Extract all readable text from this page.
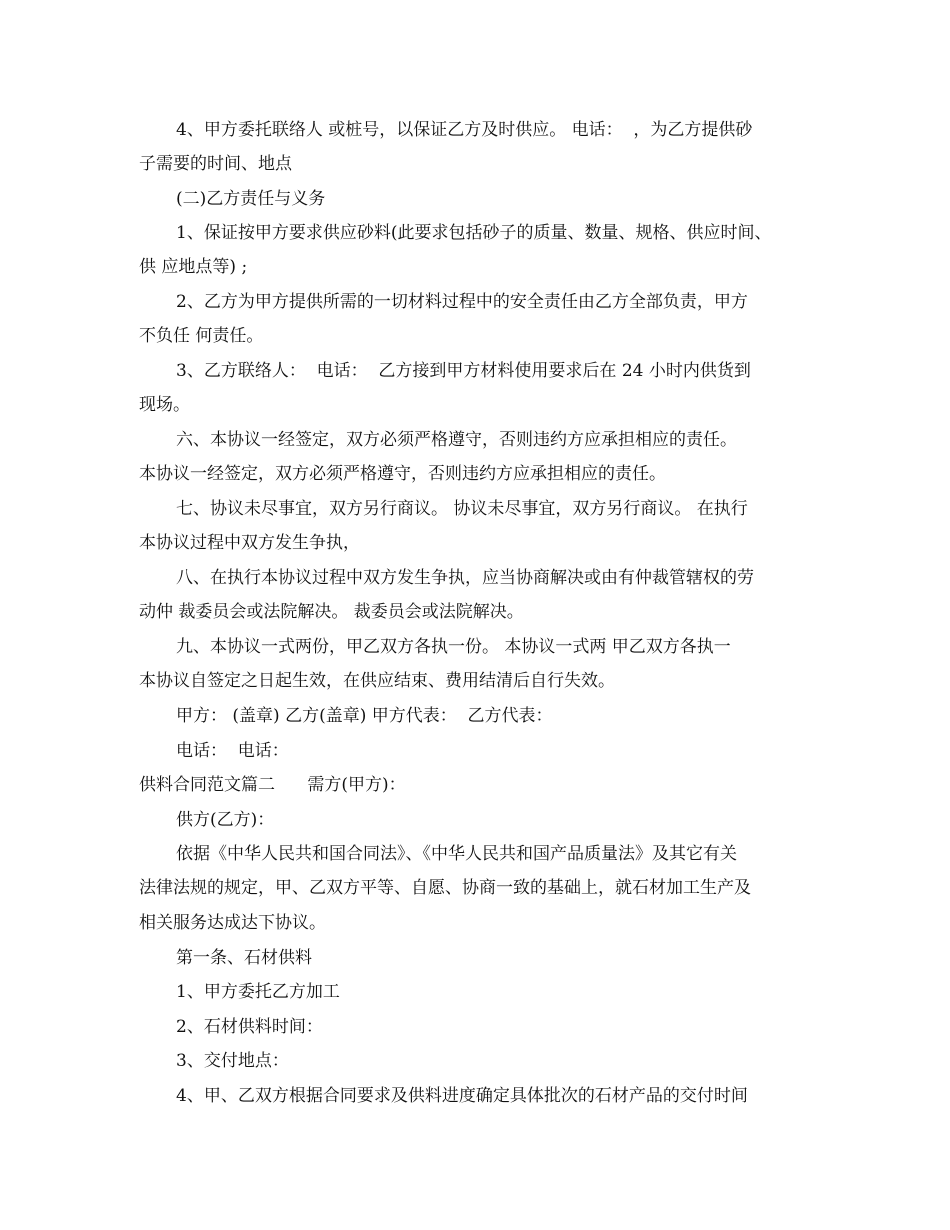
4、甲方委托联络人 或桩号，以保证乙方及时供应。 电话：  ，为乙方提供砂

子需要的时间、地点

(二)乙方责任与义务

1、保证按甲方要求供应砂料(此要求包括砂子的质量、数量、规格、供应时间、

供 应地点等) ;

2、乙方为甲方提供所需的一切材料过程中的安全责任由乙方全部负责，甲方

不负任 何责任。

3、乙方联络人：  电话：  乙方接到甲方材料使用要求后在 24 小时内供货到

现场。

六、本协议一经签定，双方必须严格遵守，否则违约方应承担相应的责任。

本协议一经签定，双方必须严格遵守，否则违约方应承担相应的责任。

七、协议未尽事宜，双方另行商议。 协议未尽事宜，双方另行商议。 在执行

本协议过程中双方发生争执，

八、在执行本协议过程中双方发生争执，应当协商解决或由有仲裁管辖权的劳

动仲 裁委员会或法院解决。 裁委员会或法院解决。

九、本协议一式两份，甲乙双方各执一份。 本协议一式两 甲乙双方各执一

本协议自签定之日起生效，在供应结束、费用结清后自行失效。

甲方： (盖章) 乙方(盖章) 甲方代表：  乙方代表：

电话：  电话：

供料合同范文篇二      需方(甲方)：

供方(乙方)：

依据《中华人民共和国合同法》、《中华人民共和国产品质量法》及其它有关

法律法规的规定，甲、乙双方平等、自愿、协商一致的基础上，就石材加工生产及

相关服务达成达下协议。

第一条、石材供料

1、甲方委托乙方加工

2、石材供料时间：

3、交付地点：

4、甲、乙双方根据合同要求及供料进度确定具体批次的石材产品的交付时间
